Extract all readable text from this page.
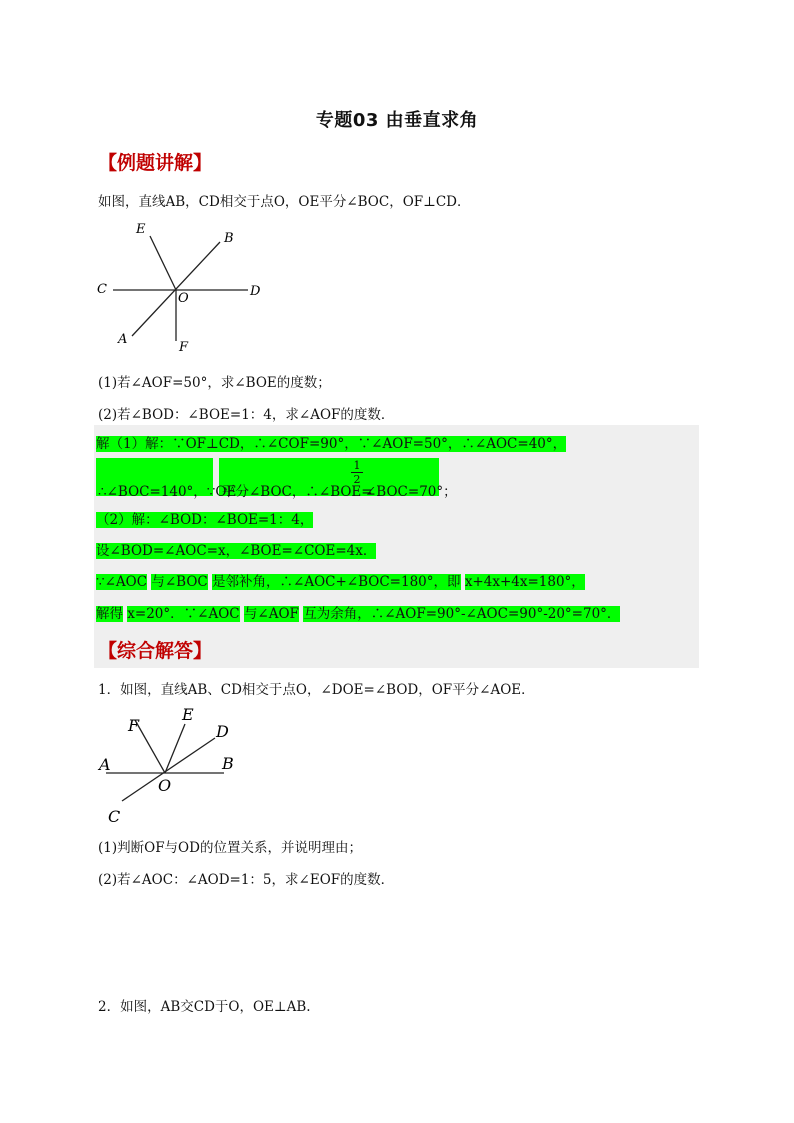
专题03 由垂直求角
【例题讲解】
如图，直线AB，CD相交于点O，OE平分∠BOC，OF⊥CD．
E
B
C
O	D
A
F
(1)若∠AOF=50°，求∠BOE的度数；
(2)若∠BOD：∠BOE=1：4，求∠AOF的度数．
解（1）解：∵OF⊥CD，∴∠COF=90°，∵∠AOF=50°，∴∠AOC=40°，
∴∠BOC=140°，∵OE
平分∠BOC，∴∠BOE=
1
2
∠BOC=70°；
（2）解：∠BOD：∠BOE=1：4，
设∠BOD=∠AOC=x，∠BOE=∠COE=4x．
∵∠AOC 与∠BOC 是邻补角，∴∠AOC+∠BOC=180°，即 x+4x+4x=180°，
解得 x=20°．∵∠AOC 与∠AOF 互为余角，∴∠AOF=90°-∠AOC=90°-20°=70°．
【综合解答】
1．如图，直线AB、CD相交于点O，∠DOE=∠BOD，OF平分∠AOE．
F
E
D
A	B
O
C
(1)判断OF与OD的位置关系，并说明理由；
(2)若∠AOC：∠AOD=1：5，求∠EOF的度数．
2．如图，AB交CD于O，OE⊥AB.
